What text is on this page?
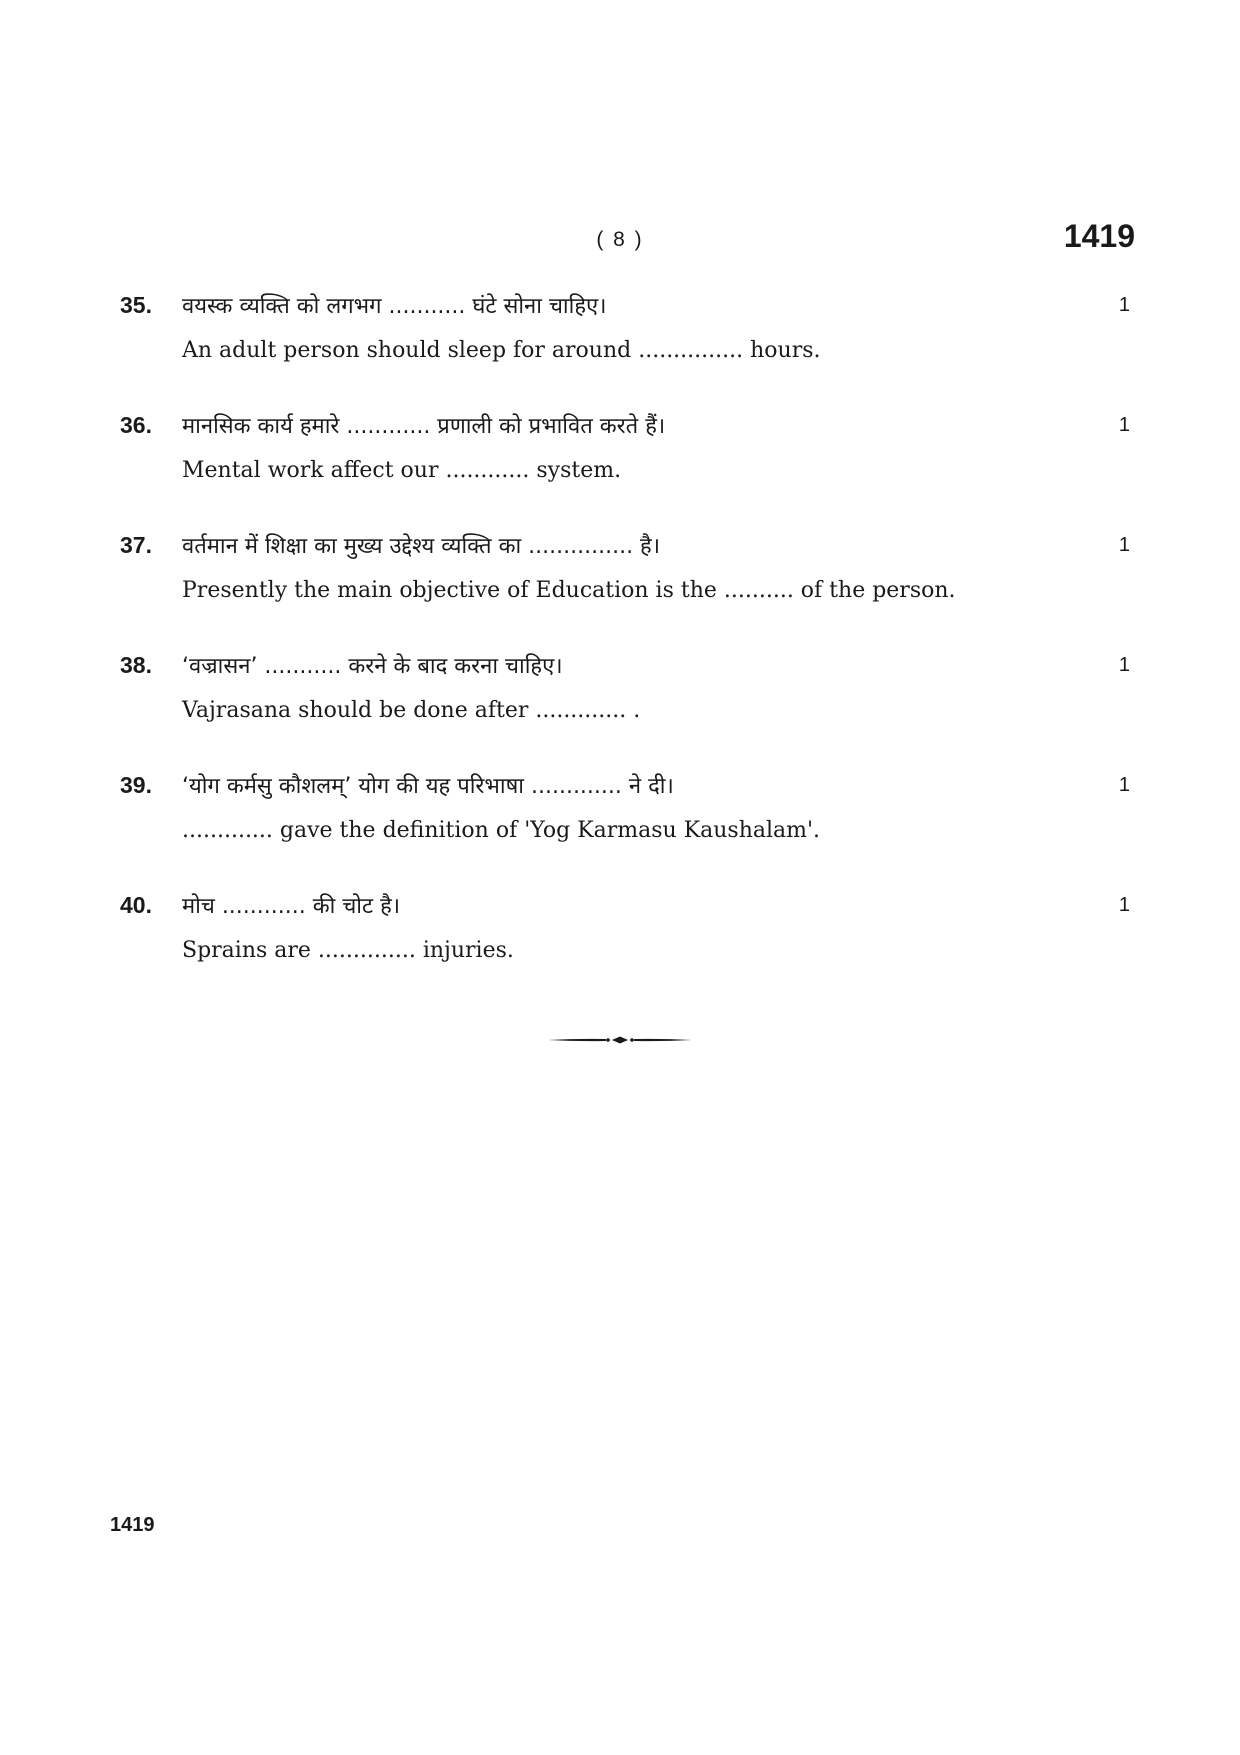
( 8 )	1419
35. वयस्क व्यक्ति को लगभग ........... घंटे सोना चाहिए।
An adult person should sleep for around ............... hours.
1
36. मानसिक कार्य हमारे ............ प्रणाली को प्रभावित करते हैं।
Mental work affect our ............ system.
1
37. वर्तमान में शिक्षा का मुख्य उद्देश्य व्यक्ति का ............... है।
Presently the main objective of Education is the .......... of the person.
1
38. ‘वज्रासन’ ........... करने के बाद करना चाहिए।
Vajrasana should be done after ............. .
1
39. ‘योग कर्मसु कौशलम्’ योग की यह परिभाषा ............. ने दी।
............. gave the definition of 'Yog Karmasu Kaushalam'.
1
40. मोच ............ की चोट है।
Sprains are .............. injuries.
1
1419
